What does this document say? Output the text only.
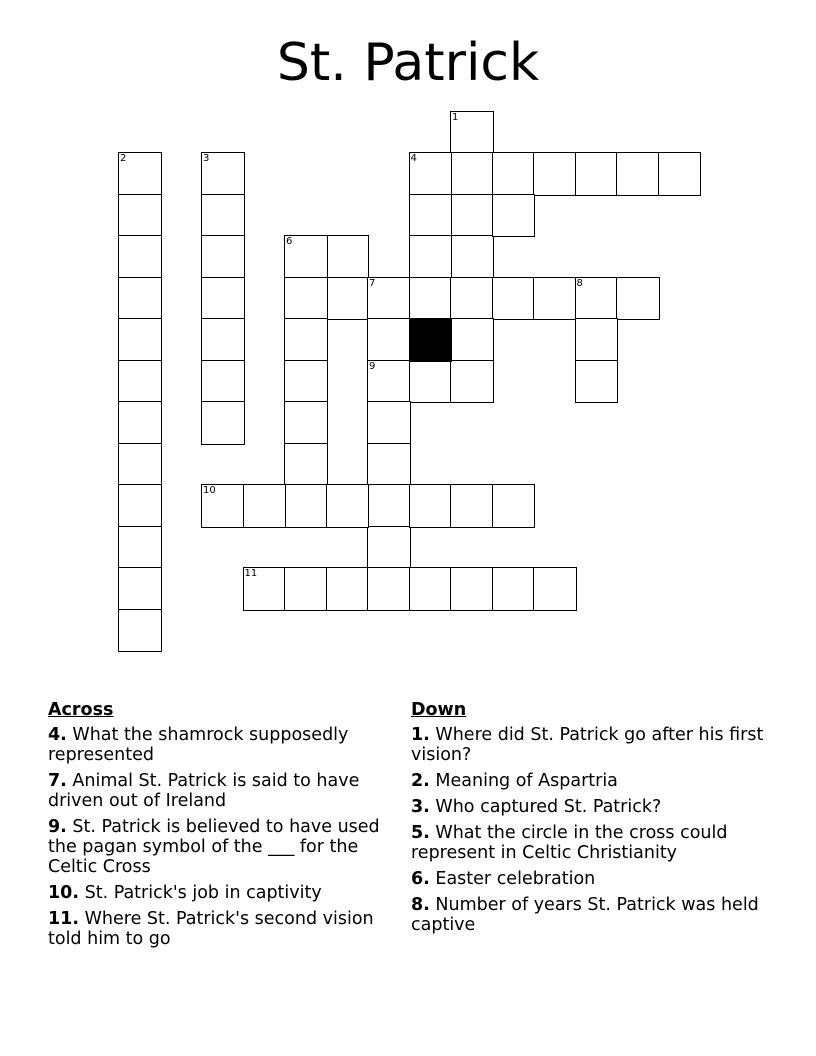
St. Patrick
1
2	3	4
7	8
6
9
10
11
Across
4. What the shamrock supposedly represented
7. Animal St. Patrick is said to have driven out of Ireland
9. St. Patrick is believed to have used the pagan symbol of the ___ for the Celtic Cross
10. St. Patrick's job in captivity
11. Where St. Patrick's second vision told him to go
Down
1. Where did St. Patrick go after his first vision?
2. Meaning of Aspartria
3. Who captured St. Patrick?
5. What the circle in the cross could represent in Celtic Christianity
6. Easter celebration
8. Number of years St. Patrick was held captive
